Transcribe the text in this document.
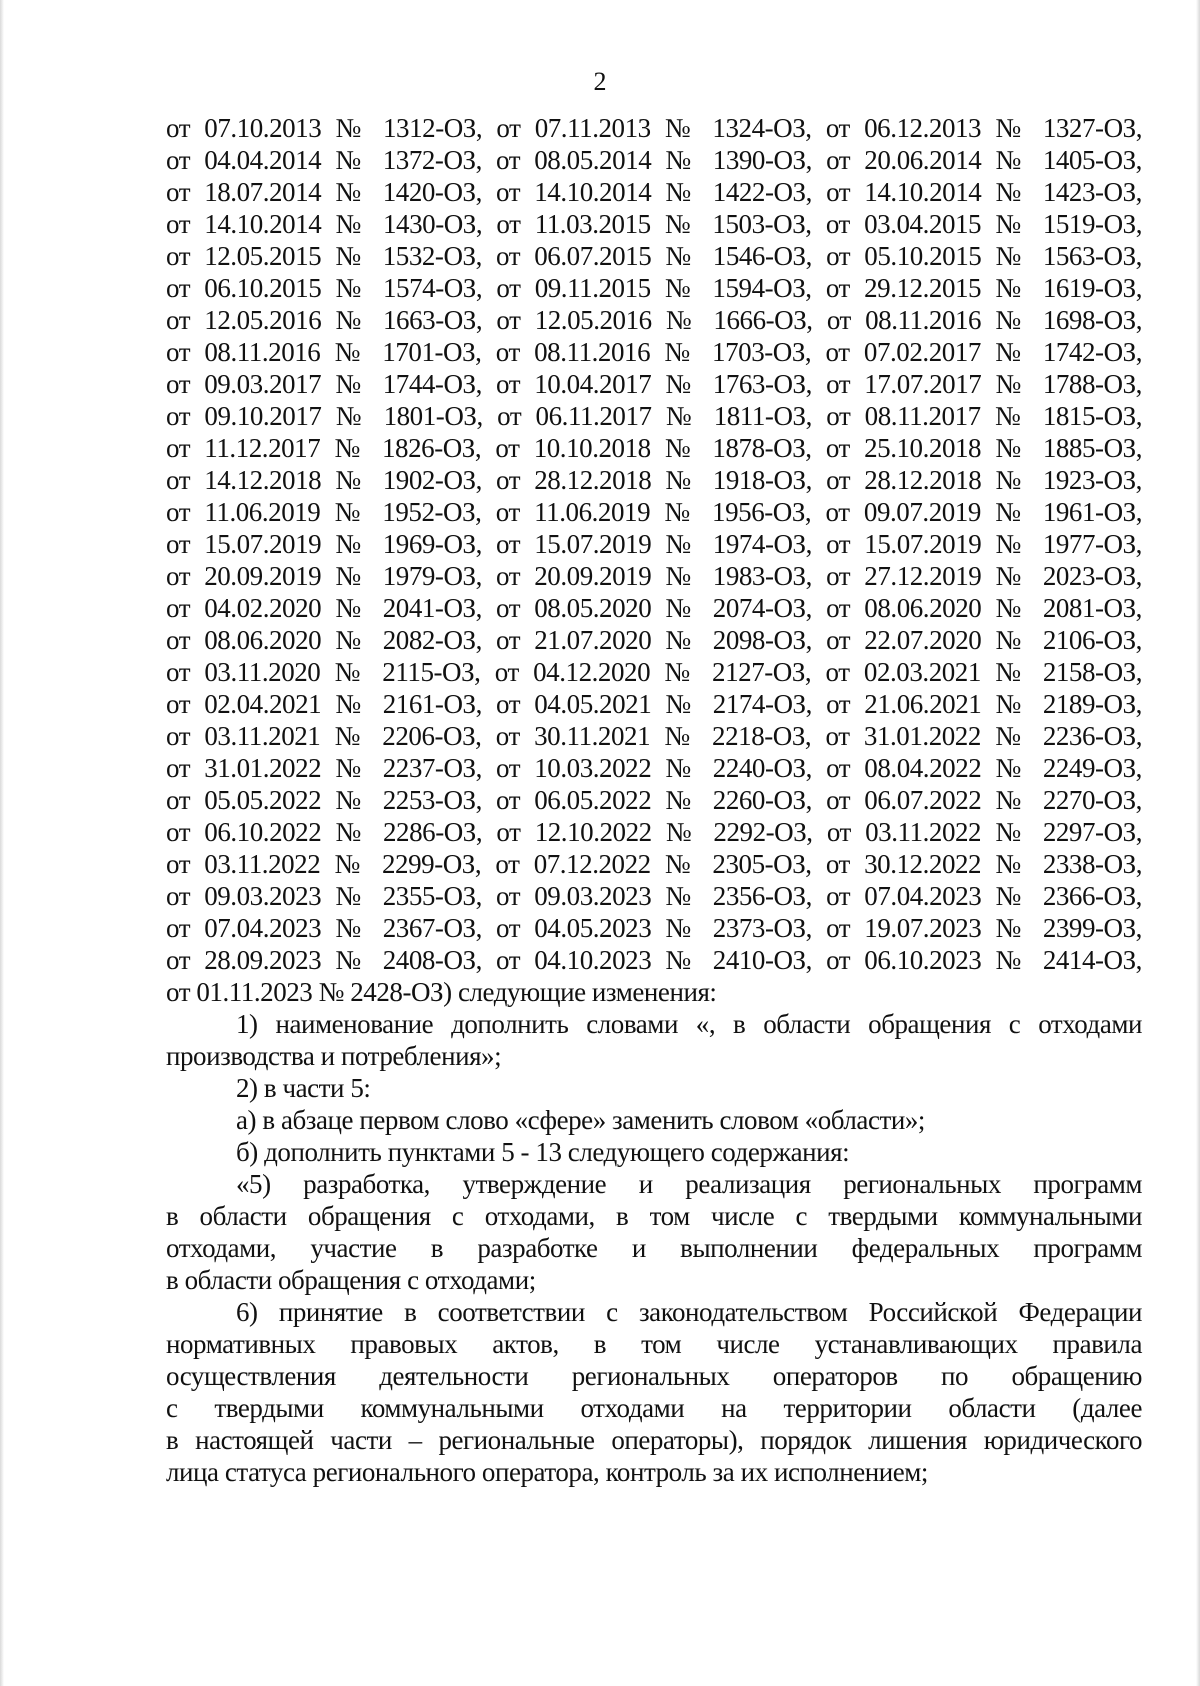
2
от 07.10.2013 № 1312-ОЗ, от 07.11.2013 № 1324-ОЗ, от 06.12.2013 № 1327-ОЗ,
от 04.04.2014 № 1372-ОЗ, от 08.05.2014 № 1390-ОЗ, от 20.06.2014 № 1405-ОЗ,
от 18.07.2014 № 1420-ОЗ, от 14.10.2014 № 1422-ОЗ, от 14.10.2014 № 1423-ОЗ,
от 14.10.2014 № 1430-ОЗ, от 11.03.2015 № 1503-ОЗ, от 03.04.2015 № 1519-ОЗ,
от 12.05.2015 № 1532-ОЗ, от 06.07.2015 № 1546-ОЗ, от 05.10.2015 № 1563-ОЗ,
от 06.10.2015 № 1574-ОЗ, от 09.11.2015 № 1594-ОЗ, от 29.12.2015 № 1619-ОЗ,
от 12.05.2016 № 1663-ОЗ, от 12.05.2016 № 1666-ОЗ, от 08.11.2016 № 1698-ОЗ,
от 08.11.2016 № 1701-ОЗ, от 08.11.2016 № 1703-ОЗ, от 07.02.2017 № 1742-ОЗ,
от 09.03.2017 № 1744-ОЗ, от 10.04.2017 № 1763-ОЗ, от 17.07.2017 № 1788-ОЗ,
от 09.10.2017 № 1801-ОЗ, от 06.11.2017 № 1811-ОЗ, от 08.11.2017 № 1815-ОЗ,
от 11.12.2017 № 1826-ОЗ, от 10.10.2018 № 1878-ОЗ, от 25.10.2018 № 1885-ОЗ,
от 14.12.2018 № 1902-ОЗ, от 28.12.2018 № 1918-ОЗ, от 28.12.2018 № 1923-ОЗ,
от 11.06.2019 № 1952-ОЗ, от 11.06.2019 № 1956-ОЗ, от 09.07.2019 № 1961-ОЗ,
от 15.07.2019 № 1969-ОЗ, от 15.07.2019 № 1974-ОЗ, от 15.07.2019 № 1977-ОЗ,
от 20.09.2019 № 1979-ОЗ, от 20.09.2019 № 1983-ОЗ, от 27.12.2019 № 2023-ОЗ,
от 04.02.2020 № 2041-ОЗ, от 08.05.2020 № 2074-ОЗ, от 08.06.2020 № 2081-ОЗ,
от 08.06.2020 № 2082-ОЗ, от 21.07.2020 № 2098-ОЗ, от 22.07.2020 № 2106-ОЗ,
от 03.11.2020 № 2115-ОЗ, от 04.12.2020 № 2127-ОЗ, от 02.03.2021 № 2158-ОЗ,
от 02.04.2021 № 2161-ОЗ, от 04.05.2021 № 2174-ОЗ, от 21.06.2021 № 2189-ОЗ,
от 03.11.2021 № 2206-ОЗ, от 30.11.2021 № 2218-ОЗ, от 31.01.2022 № 2236-ОЗ,
от 31.01.2022 № 2237-ОЗ, от 10.03.2022 № 2240-ОЗ, от 08.04.2022 № 2249-ОЗ,
от 05.05.2022 № 2253-ОЗ, от 06.05.2022 № 2260-ОЗ, от 06.07.2022 № 2270-ОЗ,
от 06.10.2022 № 2286-ОЗ, от 12.10.2022 № 2292-ОЗ, от 03.11.2022 № 2297-ОЗ,
от 03.11.2022 № 2299-ОЗ, от 07.12.2022 № 2305-ОЗ, от 30.12.2022 № 2338-ОЗ,
от 09.03.2023 № 2355-ОЗ, от 09.03.2023 № 2356-ОЗ, от 07.04.2023 № 2366-ОЗ,
от 07.04.2023 № 2367-ОЗ, от 04.05.2023 № 2373-ОЗ, от 19.07.2023 № 2399-ОЗ,
от 28.09.2023 № 2408-ОЗ, от 04.10.2023 № 2410-ОЗ, от 06.10.2023 № 2414-ОЗ,
от 01.11.2023 № 2428-ОЗ) следующие изменения:
1) наименование дополнить словами «, в области обращения с отходами
производства и потребления»;
2) в части 5:
а) в абзаце первом слово «сфере» заменить словом «области»;
б) дополнить пунктами 5 - 13 следующего содержания:
«5) разработка, утверждение и реализация региональных программ
в области обращения с отходами, в том числе с твердыми коммунальными
отходами, участие в разработке и выполнении федеральных программ
в области обращения с отходами;
6) принятие в соответствии с законодательством Российской Федерации
нормативных правовых актов, в том числе устанавливающих правила
осуществления деятельности региональных операторов по обращению
с твердыми коммунальными отходами на территории области (далее
в настоящей части – региональные операторы), порядок лишения юридического
лица статуса регионального оператора, контроль за их исполнением;
